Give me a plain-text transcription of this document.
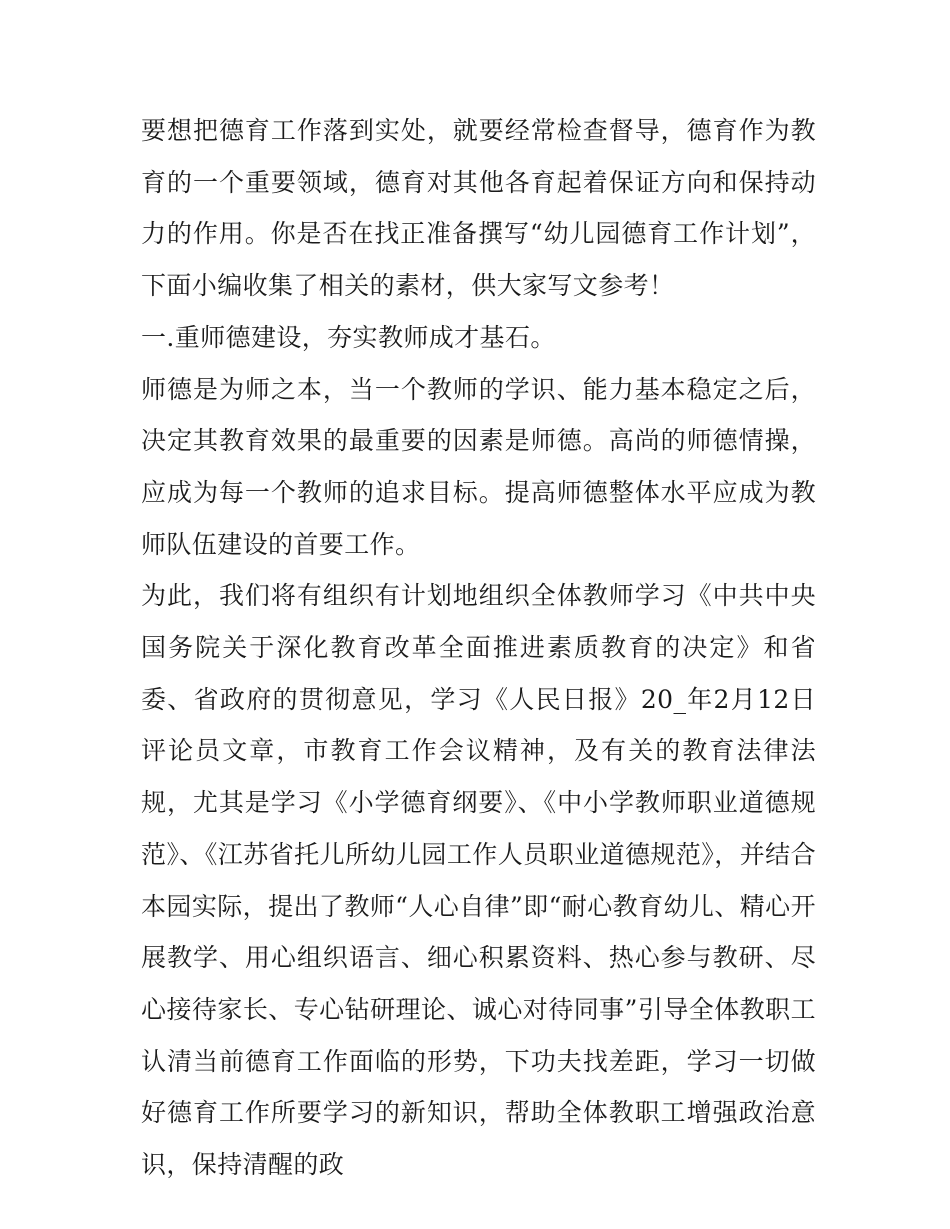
要想把德育工作落到实处，就要经常检查督导，德育作为教育的一个重要领域，德育对其他各育起着保证方向和保持动力的作用。你是否在找正准备撰写“幼儿园德育工作计划”，下面小编收集了相关的素材，供大家写文参考！

一.重师德建设，夯实教师成才基石。

师德是为师之本，当一个教师的学识、能力基本稳定之后，决定其教育效果的最重要的因素是师德。高尚的师德情操，应成为每一个教师的追求目标。提高师德整体水平应成为教师队伍建设的首要工作。

为此，我们将有组织有计划地组织全体教师学习《中共中央国务院关于深化教育改革全面推进素质教育的决定》和省委、省政府的贯彻意见，学习《人民日报》20_年2月12日评论员文章，市教育工作会议精神，及有关的教育法律法规，尤其是学习《小学德育纲要》、《中小学教师职业道德规范》、《江苏省托儿所幼儿园工作人员职业道德规范》，并结合本园实际，提出了教师“人心自律”即“耐心教育幼儿、精心开展教学、用心组织语言、细心积累资料、热心参与教研、尽心接待家长、专心钻研理论、诚心对待同事”引导全体教职工认清当前德育工作面临的形势，下功夫找差距，学习一切做好德育工作所要学习的新知识，帮助全体教职工增强政治意识，保持清醒的政
